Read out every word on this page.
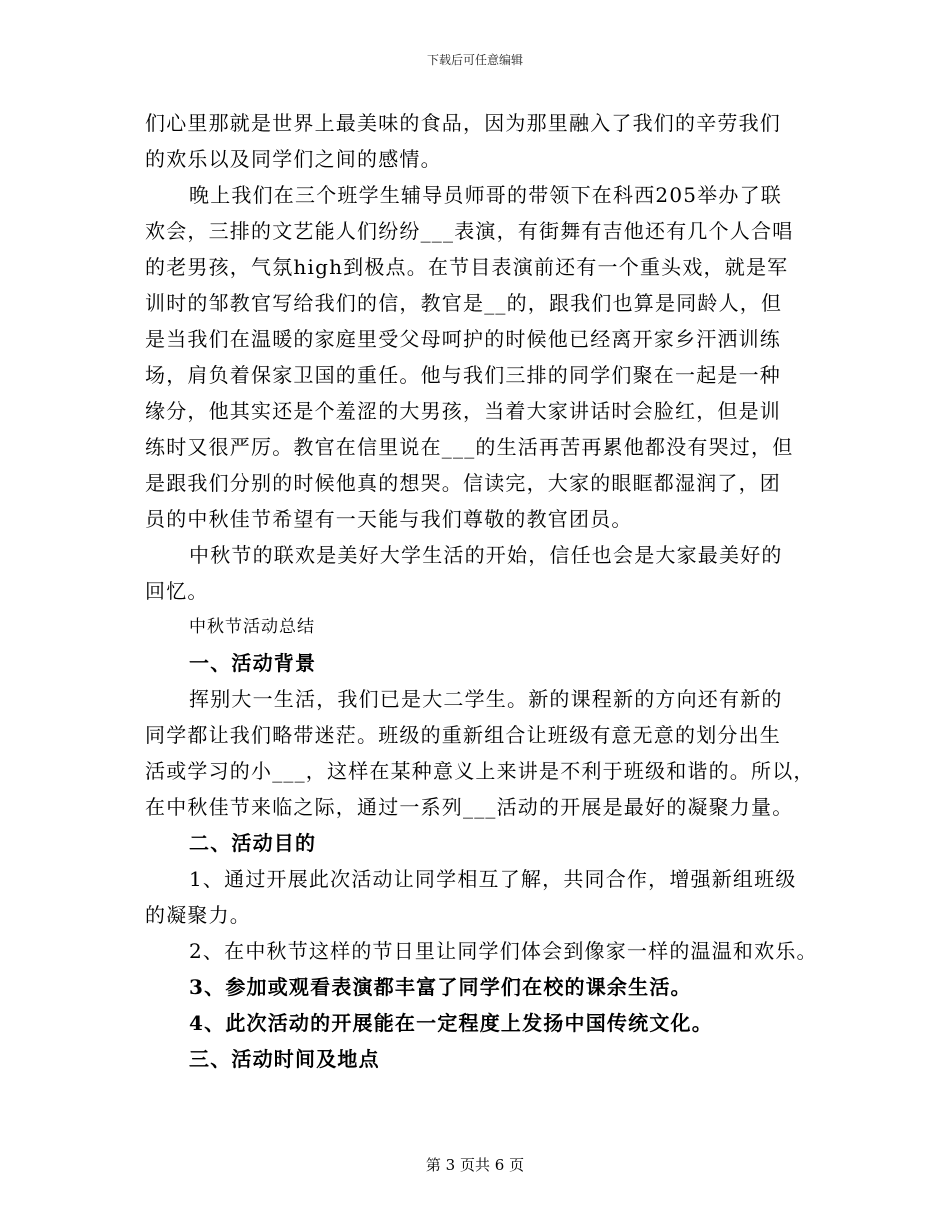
下载后可任意编辑
们心里那就是世界上最美味的食品，因为那里融入了我们的辛劳我们
的欢乐以及同学们之间的感情。
晚上我们在三个班学生辅导员师哥的带领下在科西205举办了联
欢会，三排的文艺能人们纷纷___表演，有街舞有吉他还有几个人合唱
的老男孩，气氛high到极点。在节目表演前还有一个重头戏，就是军
训时的邹教官写给我们的信，教官是__的，跟我们也算是同龄人，但
是当我们在温暖的家庭里受父母呵护的时候他已经离开家乡汗洒训练
场，肩负着保家卫国的重任。他与我们三排的同学们聚在一起是一种
缘分，他其实还是个羞涩的大男孩，当着大家讲话时会脸红，但是训
练时又很严厉。教官在信里说在___的生活再苦再累他都没有哭过，但
是跟我们分别的时候他真的想哭。信读完，大家的眼眶都湿润了，团
员的中秋佳节希望有一天能与我们尊敬的教官团员。
中秋节的联欢是美好大学生活的开始，信任也会是大家最美好的
回忆。
中秋节活动总结
一、活动背景
挥别大一生活，我们已是大二学生。新的课程新的方向还有新的
同学都让我们略带迷茫。班级的重新组合让班级有意无意的划分出生
活或学习的小___，这样在某种意义上来讲是不利于班级和谐的。所以，
在中秋佳节来临之际，通过一系列___活动的开展是最好的凝聚力量。
二、活动目的
1、通过开展此次活动让同学相互了解，共同合作，增强新组班级
的凝聚力。
2、在中秋节这样的节日里让同学们体会到像家一样的温温和欢乐。
3、参加或观看表演都丰富了同学们在校的课余生活。
4、此次活动的开展能在一定程度上发扬中国传统文化。
三、活动时间及地点
第 3 页共 6 页
